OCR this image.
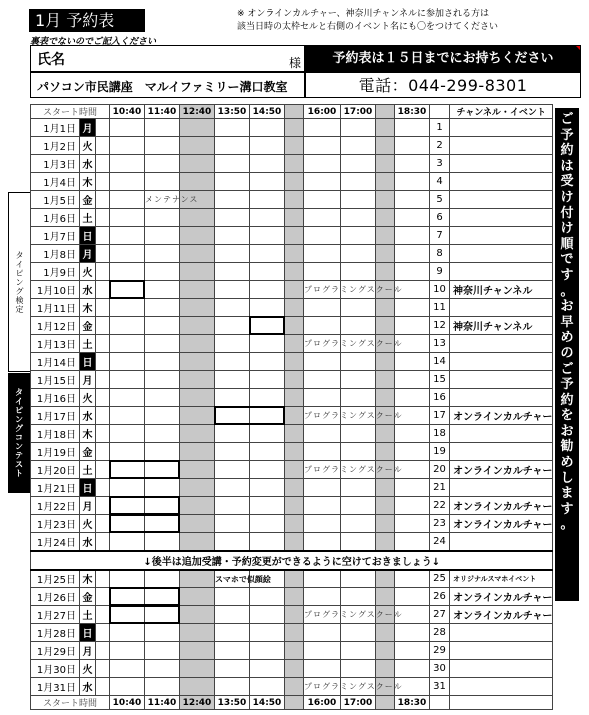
1月 予約表	※ オンラインカルチャー、神奈川チャンネルに参加される方は
該当日時の太枠セルと右側のイベント名にも〇をつけてください
裏表でないのでご記入ください
氏名	様
パソコン市民講座　マルイファミリー溝口教室
予約表は１５日までにお持ちください
電話：044-299-8301
スタート時間			10:40	11:40	12:40	13:50	14:50		16:00	17:00		18:30		チャンネル・イベント
1月1日	月												1	
1月2日	火												2	
1月3日	水												3	
1月4日	木												4	
1月5日	金			メンテナンス									5	
1月6日	土												6	
1月7日	日												7	
1月8日	月												8	
1月9日	火												9	
1月10日	水								プログラミングスクール				10	神奈川チャンネル
1月11日	木												11	
1月12日	金												12	神奈川チャンネル
1月13日	土								プログラミングスクール				13	
1月14日	日												14	
1月15日	月												15	
1月16日	火												16	
1月17日	水								プログラミングスクール				17	オンラインカルチャー
1月18日	木												18	
1月19日	金												19	
1月20日	土								プログラミングスクール				20	オンラインカルチャー
1月21日	日												21	
1月22日	月												22	オンラインカルチャー
1月23日	火												23	オンラインカルチャー
1月24日	水												24	
↓後半は追加受講・予約変更ができるように空けておきましょう↓														
1月25日	木					スマホで似顔絵							25	オリジナルスマホイベント
1月26日	金												26	オンラインカルチャー
1月27日	土								プログラミングスクール				27	オンラインカルチャー
1月28日	日												28	
1月29日	月												29	
1月30日	火												30	
1月31日	水								プログラミングスクール				31	
スタート時間			10:40	11:40	12:40	13:50	14:50		16:00	17:00		18:30		
タ
イ
ピ
ン
グ
検
定
タ
イ
ピ
ン
グ
コ
ン
テ
ス
ト
ご
予
約
は
受
け
付
け
順
で
す
。
お
早
め
の
ご
予
約
を
お
勧
め
し
ま
す
。
